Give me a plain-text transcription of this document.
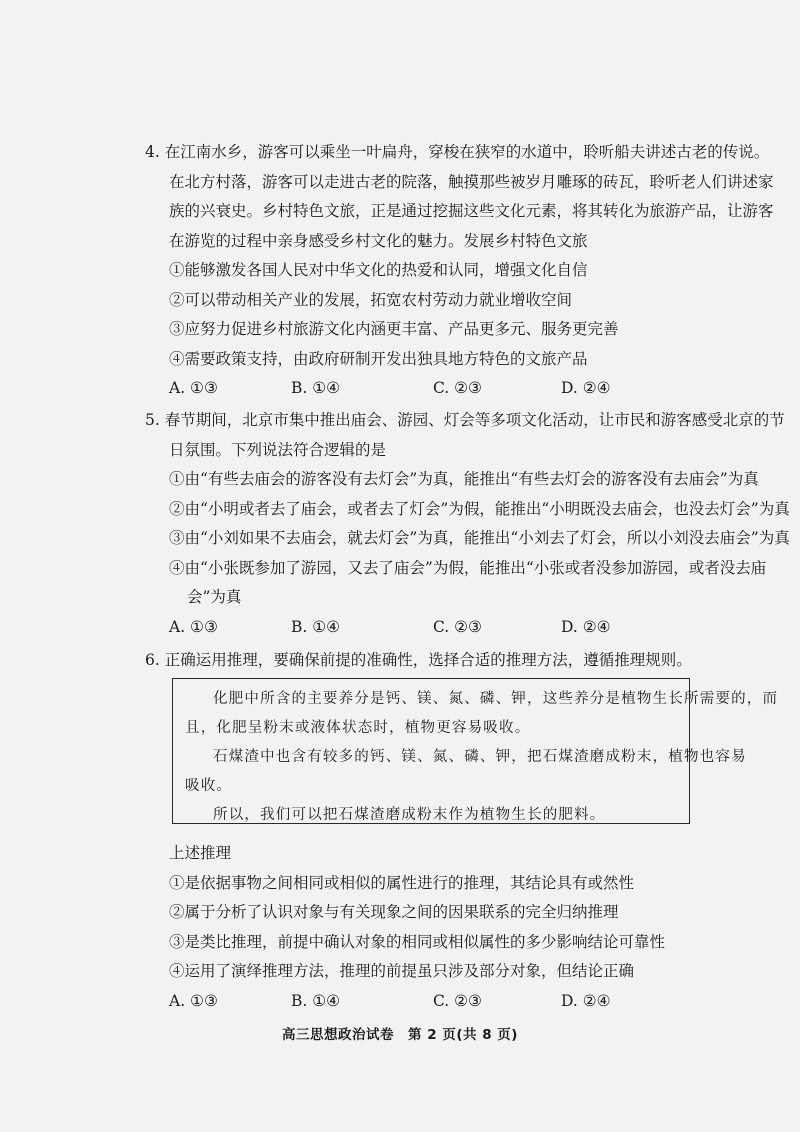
4. 在江南水乡，游客可以乘坐一叶扁舟，穿梭在狭窄的水道中，聆听船夫讲述古老的传说。
在北方村落，游客可以走进古老的院落，触摸那些被岁月雕琢的砖瓦，聆听老人们讲述家
族的兴衰史。乡村特色文旅，正是通过挖掘这些文化元素，将其转化为旅游产品，让游客
在游览的过程中亲身感受乡村文化的魅力。发展乡村特色文旅
①能够激发各国人民对中华文化的热爱和认同，增强文化自信
②可以带动相关产业的发展，拓宽农村劳动力就业增收空间
③应努力促进乡村旅游文化内涵更丰富、产品更多元、服务更完善
④需要政策支持，由政府研制开发出独具地方特色的文旅产品
A. ①③	B. ①④	C. ②③	D. ②④
5. 春节期间，北京市集中推出庙会、游园、灯会等多项文化活动，让市民和游客感受北京的节
日氛围。下列说法符合逻辑的是
①由“有些去庙会的游客没有去灯会”为真，能推出“有些去灯会的游客没有去庙会”为真
②由“小明或者去了庙会，或者去了灯会”为假，能推出“小明既没去庙会，也没去灯会”为真
③由“小刘如果不去庙会，就去灯会”为真，能推出“小刘去了灯会，所以小刘没去庙会”为真
④由“小张既参加了游园，又去了庙会”为假，能推出“小张或者没参加游园，或者没去庙
会”为真
A. ①③	B. ①④	C. ②③	D. ②④
6. 正确运用推理，要确保前提的准确性，选择合适的推理方法，遵循推理规则。
化肥中所含的主要养分是钙、镁、氮、磷、钾，这些养分是植物生长所需要的，而
且，化肥呈粉末或液体状态时，植物更容易吸收。
石煤渣中也含有较多的钙、镁、氮、磷、钾，把石煤渣磨成粉末，植物也容易
吸收。
所以，我们可以把石煤渣磨成粉末作为植物生长的肥料。
上述推理
①是依据事物之间相同或相似的属性进行的推理，其结论具有或然性
②属于分析了认识对象与有关现象之间的因果联系的完全归纳推理
③是类比推理，前提中确认对象的相同或相似属性的多少影响结论可靠性
④运用了演绎推理方法，推理的前提虽只涉及部分对象，但结论正确
A. ①③	B. ①④	C. ②③	D. ②④
高三思想政治试卷　第 2 页(共 8 页)
